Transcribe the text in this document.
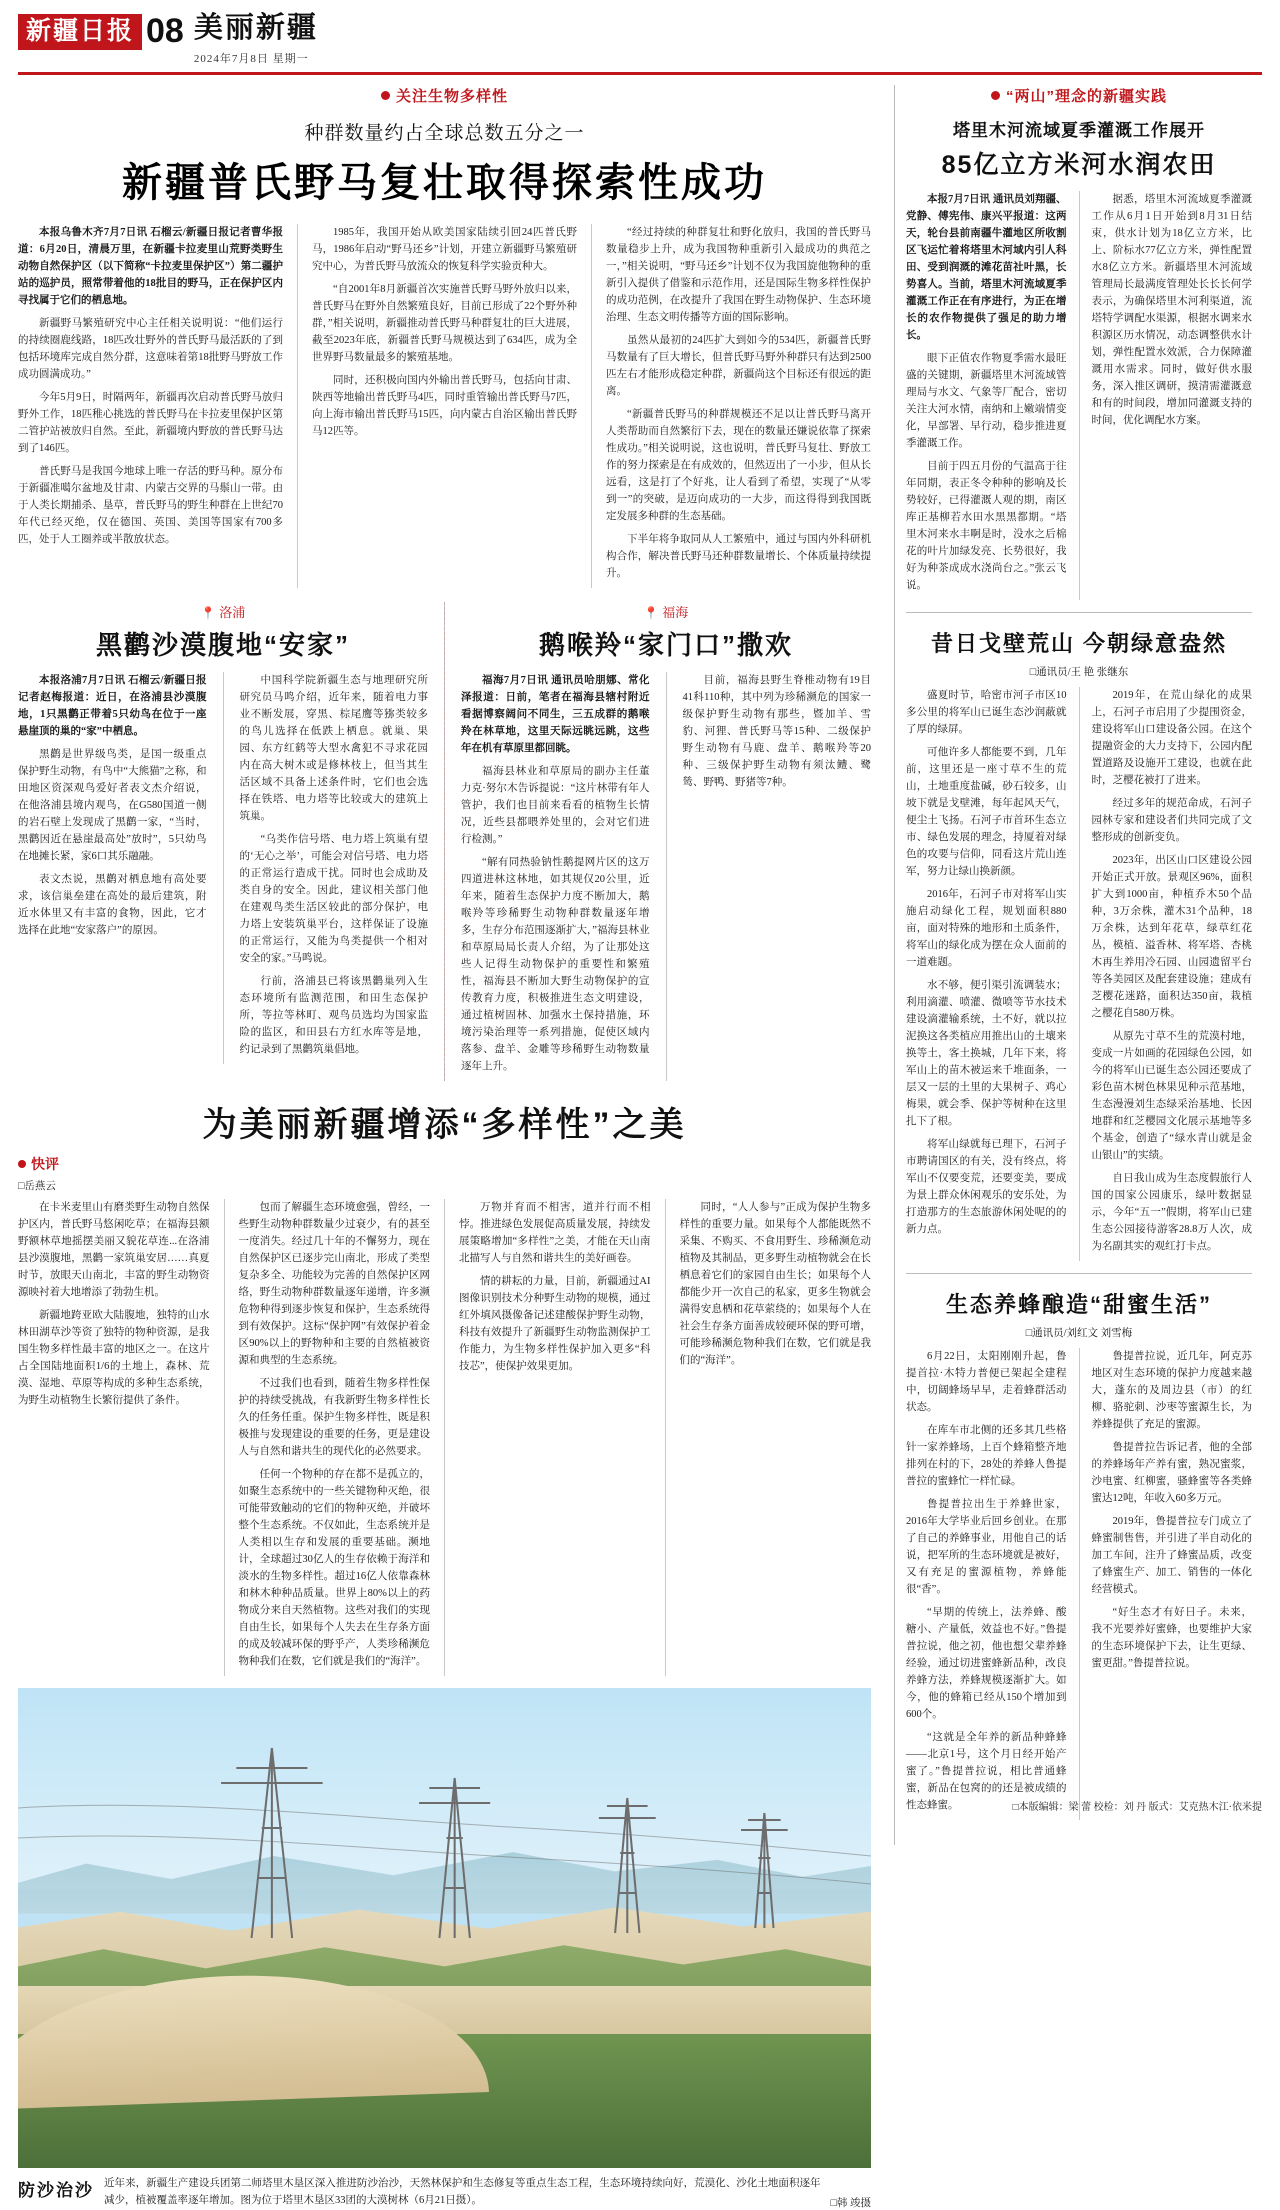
新疆日报 08 美丽新疆
2024年7月8日 星期一
关注生物多样性
种群数量约占全球总数五分之一
新疆普氏野马复壮取得探索性成功

本报乌鲁木齐7月7日讯 石榴云/新疆日报记者曹华报道：6月20日，清晨万里，在新疆卡拉麦里山荒野类野生动物自然保护区（以下简称“卡拉麦里保护区”）第二疆护站的巡护员，照常带着他的18批目的野马，正在保护区内寻找属于它们的栖息地。

新疆野马繁殖研究中心主任相关说明说：“他们运行的持续圈鹿线路，18匹改壮野外的普氏野马最活跃的了到包括环境库完成自然分群，这意味着第18批野马野放工作成功圆满成功。”

今年5月9日，时隔两年，新疆再次启动普氏野马放归野外工作，18匹稚心挑选的普氏野马在卡拉麦里保护区第二管护站被放归自然。至此，新疆境内野放的普氏野马达到了146匹。

普氏野马是我国今地球上唯一存活的野马种。原分布于新疆准噶尔盆地及甘肃、内蒙古交界的马鬃山一带。由于人类长期捕杀、垦草，普氏野马的野生种群在上世纪70年代已经灭绝，仅在德国、英国、美国等国家有700多匹，处于人工圈养或半散放状态。

1985年，我国开始从欧美国家陆续引回24匹普氏野马，1986年启动“野马还乡”计划，开建立新疆野马繁殖研究中心，为普氏野马放流众的恢复科学实验贡种大。

“自2001年8月新疆首次实施普氏野马野外放归以来，普氏野马在野外自然繁殖良好，目前已形成了22个野外种群，”相关说明，新疆推动普氏野马种群复壮的巨大进展，截至2023年底，新疆普氏野马规模达到了634匹，成为全世界野马数量最多的繁殖基地。

同时，还积极向国内外输出普氏野马，包括向甘肃、陕西等地输出普氏野马4匹，同时重管输出普氏野马7匹，向上海市输出普氏野马15匹，向内蒙古自治区输出普氏野马12匹等。

“经过持续的种群复壮和野化放归，我国的普氏野马数量稳步上升，成为我国物种重新引入最成功的典范之一，”相关说明，“野马还乡”计划不仅为我国旋他物种的重新引入提供了借鉴和示范作用，还是国际生物多样性保护的成功范例，在改提升了我国在野生动物保护、生态环境治理、生态文明传播等方面的国际影响。

虽然从最初的24匹扩大到如今的534匹，新疆普氏野马数量有了巨大增长，但普氏野马野外种群只有达到2500匹左右才能形成稳定种群，新疆尚这个目标还有很远的距离。

“新疆普氏野马的种群规模还不足以让普氏野马离开人类帮助而自然繁衍下去，现在的数量还嫌说依靠了探索性成功。”相关说明说，这也说明，普氏野马复壮、野放工作的努力探索是在有成效的，但然迈出了一小步，但从长远看，这是打了个好兆，让人看到了希望，实现了“从零到一”的突破，是迈向成功的一大步，而这得得到我国既定发展多种群的生态基础。

下半年将争取同从人工繁殖中，通过与国内外科研机构合作，解决普氏野马还种群数量增长、个体质量持续提升。

📍 洛浦
黑鹳沙漠腹地“安家”

本报洛浦7月7日讯 石榴云/新疆日报记者赵梅报道：近日，在洛浦县沙漠腹地，1只黑鹳正带着5只幼鸟在位于一座悬崖顶的巢的“家”中栖息。

黑鹳是世界级鸟类，是国一级重点保护野生动物，有鸟中“大熊猫”之称，和田地区资深观鸟爱好者表文杰介绍说，在他洛浦县境内观鸟，在G580国道一侧的岩石壁上发现成了黑鹳一家，“当时，黑鹳因近在悬崖最高处”放时”，5只幼鸟在地摊长紧，家6口其乐融融。

表文杰说，黑鹳对栖息地有高处要求，该信巢垒建在高处的最后建筑，附近水体里又有丰富的食物，因此，它才选择在此地“安家落户”的原因。

中国科学院新疆生态与地理研究所研究员马鸣介绍，近年来，随着电力事业不断发展，穿黑、棕尾鹰等猕类较多的鸟儿选择在低跌上栖息。就巢、果园、东方红鹤等大型水禽犯不寻求花园内在高大树木或是修林枝上，但当其生活区域不具备上述条件时，它们也会选择在铁塔、电力塔等比较或大的建筑上筑巢。

“乌类作信号塔、电力塔上筑巢有望的‘无心之举’，可能会对信号塔、电力塔的正常运行造成干扰。同时也会成助及类自身的安全。因此，建议相关部门他在建观鸟类生活区较此的部分保护，电力塔上安装筑巢平台，这样保证了设施的正常运行，又能为鸟类提供一个相对安全的家。”马鸣说。

行前，洛浦县已将该黑鹳巢列入生态环境所有监测范围，和田生态保护所，等拉等林町、观鸟员选均为国家监险的监区，和田县右方红水库等是地，约记录到了黑鹳筑巢倡地。

📍 福海
鹅喉羚“家门口”撒欢

福海7月7日讯 通讯员哈朋娜、常化泽报道：日前，笔者在福海县辖村附近看据博察阔问不同生，三五成群的鹅喉羚在林草地，这里天际远眺远跳，这些年在机有草原里都回眺。

福海县林业和草原局的副办主任董力克·努尔木告诉提说：“这片林带有年人管护，我们也目前来看看的植物生长情况，近些县都喂养处里的，会对它们进行检测。”

“解有同热验钠性鹅提网片区的这万四道进林这林地，如其规仅20公里，近年来，随着生态保护力度不断加大，鹅喉羚等珍稀野生动物种群数量逐年增多，生存分布范围逐渐扩大，”福海县林业和草原局局长责人介绍，为了让那处这些人记得生动物保护的重要性和繁殖性，福海县不断加大野生动物保护的宣传教育力度，积极推进生态文明建设，通过植树固林、加强水土保持措施，环境污染治理等一系列措施，促使区域内落参、盘羊、金雕等珍稀野生动物数量逐年上升。

目前，福海县野生脊椎动物有19目41科110种，其中列为珍稀濒危的国家一级保护野生动物有那些，暨加羊、雪豹、河狸、普氏野马等15种、二级保护野生动物有马鹿、盘羊、鹅喉羚等20种、三级保护野生动物有须汰鳢、鹭鸶、野鸭、野猪等7种。

为美丽新疆增添“多样性”之美
快评
□岳燕云

在卡米麦里山有磨类野生动物自然保护区内，普氏野马悠闲吃草；在福海县额野额林草地摇摆美丽又貌花草连...在洛浦县沙漠腹地，黑鹳一家筑巢安居……真夏时节，放眼天山南北，丰富的野生动物资源映衬着大地增添了勃勃生机。

新疆地跨亚欧大陆腹地，独特的山水林田湖草沙等资了独特的物种资源，是我国生物多样性最丰富的地区之一。在这片占全国陆地面积1/6的土地上，森林、荒漠、湿地、草原等构成的多种生态系统，为野生动植物生长繁衍提供了条件。

包而了解疆生态环境愈强，曾经，一些野生动物种群数量少过衰少，有的甚至一度消失。经过几十年的不懈努力，现在自然保护区已逐步完山南北，形成了类型复杂多全、功能较为完善的自然保护区网络，野生动物种群数量逐年递增，许多濒危物种得到逐步恢复和保护，生态系统得到有效保护。这标“保护网”有效保护着金区90%以上的野物种和主要的自然植被资源和典型的生态系统。

不过我们也看到，随着生物多样性保护的持续受挑战，有我新野生物多样性长久的任务任重。保护生物多样性，既是积极推与发现建设的重要的任务，更是建设人与自然和谐共生的现代化的必然要求。

任何一个物种的存在都不是孤立的，如聚生态系统中的一些关键物种灭绝，很可能带致触动的它们的物种灭绝，并破坏整个生态系统。不仅如此，生态系统并是人类相以生存和发展的重要基础。濒地计，全球超过30亿人的生存依赖于海洋和淡水的生物多样性。超过16亿人依靠森林和林木种种品质量。世界上80%以上的药物成分来自天然植物。这些对我们的实现自由生长，如果每个人失去在生存条方面的成及较减环保的野乎产，人类珍稀濒危物种我们在数，它们就是我们的“海洋”。

万物并育而不相害，道并行而不相悖。推进绿色发展促高质量发展，持续发展策略增加“多样性”之美，才能在天山南北描写人与自然和谐共生的美好画卷。

情的耕耘的力量，目前，新疆通过AI图像识别技术分种野生动物的规模，通过红外填风摄像备记述建酸保护野生动物，科技有效提升了新疆野生动物监测保护工作能力，为生物多样性保护加入更多“科技芯”，使保护效果更加。

同时，“人人参与”正成为保护生物多样性的重要力量。如果每个人都能既然不采集、不购买、不食用野生、珍稀濒危动植物及其制品，更多野生动植物就会在长栖息着它们的家园自由生长；如果每个人都能少开一次自己的私家，更多生物就会满得安息栖和花草萦绕的；如果每个人在社会生存条方面善成较硬环保的野可增，可能珍稀濒危物种我们在数，它们就是我们的“海洋”。

防沙治沙 近年来，新疆生产建设兵团第二师塔里木垦区深入推进防沙治沙，天然林保护和生态修复等重点生态工程，生态环境持续向好，荒漠化、沙化土地面积逐年减少，植被覆盖率逐年增加。图为位于塔里木垦区33团的大漠树林（6月21日摄）。	□韩 竣摄
“两山”理念的新疆实践
塔里木河流域夏季灌溉工作展开
85亿立方米河水润农田

本报7月7日讯 通讯员刘翔疆、党静、傅宪伟、康兴平报道：这两天，轮台县前南疆牛灌地区所收割区飞运忙着将塔里木河域内引人科田、受到润溉的滩花苗社叶黑，长势喜人。当前，塔里木河流域夏季灌溉工作正在有序进行，为正在增长的农作物提供了强足的助力增长。

眼下正值农作物夏季需水最旺盛的关键期，新疆塔里木河流域管理局与水文、气象等厂配合，密切关注大河水情，南纳和上嫩端情变化，早部署、早行动，稳步推进夏季灌溉工作。

目前于四五月份的气温高于往年同期，表正冬令种种的影响及长势较好，已得灌溉人观的期，南区库正基柳若水田水黑黑都期。“塔里木河来水丰啊是时，没水之后棉花的叶片加绿发亮、长势很好，我好为种茶成成水浇尚台之。”张云飞说。

据悉，塔里木河流域夏季灌溉工作从6月1日开始到8月31日结束，供水计划为18亿立方米，比上、阶标水77亿立方米，弹性配置水8亿立方米。新疆塔里木河流域管理局长最满度管理处长长长何学表示，为确保塔里木河利渠道，流塔特学调配水渠源，根据水调来水积源区历水情况，动态调整供水计划，弹性配置水效派，合力保障灌溉用水需求。同时，做好供水服务，深入推区调研，摸清需灌溉意和有的时间段，增加同灌溉支持的时间，优化调配水方案。

昔日戈壁荒山 今朝绿意盎然
□通讯员/王 艳 张继东

盛夏时节，哈密市河子市区10多公里的将军山已诞生态沙润蔽就了厚的绿屏。

可他许多人都能要不到，几年前，这里还是一座寸草不生的荒山，土地重度盐碱，砂石较多，山坡下就是戈壁滩，每年起风天气，便尘土飞扬。石河子市首环生态立市、绿色发展的理念，持厦着对绿色的攻要与信仰，同看这片荒山连军，努力让绿山换新颜。

2016年，石河子市对将军山实施启动绿化工程，规划面积880亩，面对特殊的地形和土质条件，将军山的绿化成为摆在众人面前的一道难题。

水不够，便引渠引流调装水；利用滴灌、喷灌、微喷等节水技术建设滴灌输系统，土不好，就以拉泥换这各类植应用推出山的土壤来换等土，客土换城，几年下来，将军山上的苗木被运来千堆面条，一层又一层的土里的大果树子、鸡心梅果，就会季、保护等树种在这里扎下了根。

将军山绿就每已理下，石河子市聘请国区的有关，没有终点，将军山不仅要变荒，还要变美，要成为景上群众休闲观乐的安乐处，为打造那方的生态旅游休闲处呢的的新力点。

2019年，在荒山绿化的成果上，石河子市启用了少提围资金，建设将军山口建设备公园。在这个提融资金的大力支持下，公园内配置道路及设施开工建设，也就在此时，芝樱花被打了进来。

经过多年的规范命成，石河子园林专家和建设者们共同完成了文整形成的创新变负。

2023年，出区山口区建设公园开始正式开放。景观区96%，面积扩大到1000亩，种植乔木50个品种，3万余株，灌木31个品种，18万余株，达到年花草，绿草红花丛，模植、溢香林、将军塔、杏桃木再生养用冷石园、山园遗留平台等各美园区及配套建设施；建成有芝樱花迷路，面积达350亩，栽植之樱花自580万株。

从原先寸草不生的荒漠村地，变成一片如画的花园绿色公园，如今的将军山已诞生态公园还要成了彩色苗木树色林果见种示范基地，生态漫漫刘生态绿采治基地、长因地群和红芝樱园文化展示基地等多个基金，创造了“绿水青山就是金山银山”的实绩。

自日我山成为生态度假旅行人国的国家公园康乐，绿叶数据显示，今年“五一”假期，将军山已建生态公园接待游客28.8万人次，成为名副其实的观红打卡点。

生态养蜂酿造“甜蜜生活”
□通讯员/刘红文 刘雪梅

6月22日，太阳刚刚升起，鲁提首拉·木特力普便已架起全建程中，切阔蜂场早早，走着蜂群活动状态。

在库车市北侧的还多其几些格针一家养蜂场，上百个蜂箱整齐地排列在村的下，28处的养蜂人鲁提普拉的蜜蜂忙一样忙碌。

鲁提普拉出生于养蜂世家，2016年大学毕业后回乡创业。在那了自己的养蜂事业，用他自己的话说，把军所的生态环境就是被好，又有充足的蜜源植物，养蜂能很“香”。

“早期的传统上，法养蜂、酸糖小、产量低，效益也不好。”鲁提普拉说，他之初，他也想父辈养蜂经验，通过切进蜜蜂新品种，改良养蜂方法，养蜂规模逐渐扩大。如今，他的蜂箱已经从150个增加到600个。

“这就是全年养的新品种蜂蜂——北京1号，这个月日经开始产蜜了。”鲁提普拉说，相比普通蜂蜜，新品在包窝的的还是被成绩的性态蜂蜜。

鲁提普拉说，近几年，阿克苏地区对生态环境的保护力度越来越大，蓬东的及周边县（市）的红柳、骆驼刺、沙枣等蜜源生长，为养蜂提供了充足的蜜源。

鲁提普拉告诉记者，他的全部的养蜂场年产养有蜜，熟况蜜浆，沙电蜜、红柳蜜，骚蜂蜜等各类蜂蜜达12吨，年收入60多万元。

2019年，鲁提普拉专门成立了蜂蜜制售售，并引进了半自动化的加工车间，注升了蜂蜜品质，改变了蜂蜜生产、加工、销售的一体化经营模式。

“好生态才有好日子。未来，我不光要养好蜜蜂，也要维护大家的生态环境保护下去，让生更绿、蜜更甜。”鲁提普拉说。

□本版编辑：梁 蕾 校检：刘 丹 版式：艾克热木江·依米提
